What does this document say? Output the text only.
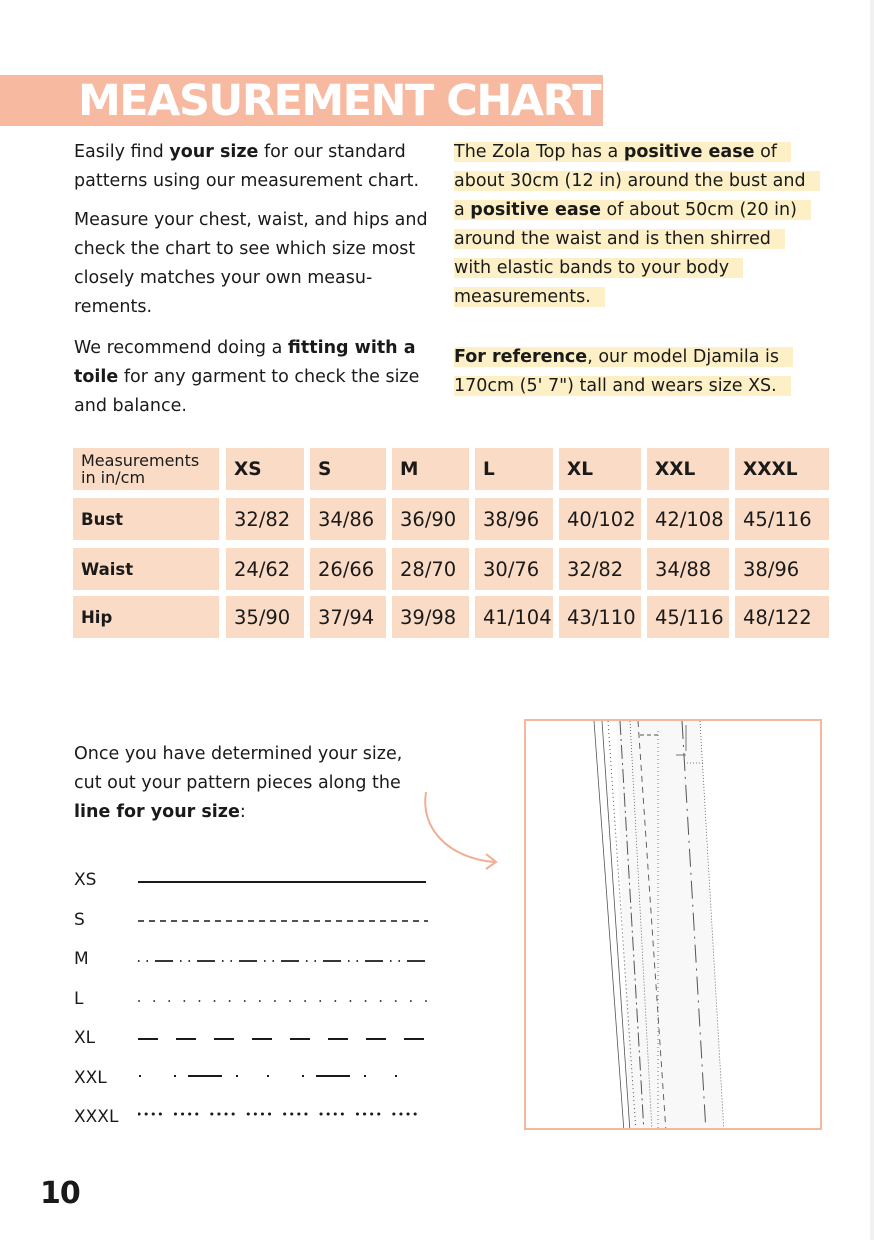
MEASUREMENT CHART

Easily find your size for our standard patterns using our measurement chart.

Measure your chest, waist, and hips and check the chart to see which size most closely matches your own measu-rements.

We recommend doing a fitting with a toile for any garment to check the size and balance.

The Zola Top has a positive ease of about 30cm (12 in) around the bust and a positive ease of about 50cm (20 in) around the waist and is then shirred with elastic bands to your body measurements.

For reference, our model Djamila is 170cm (5' 7") tall and wears size XS.

Measurements
in in/cm	XS	S	M	L	XL	XXL	XXXL
Bust	32/82	34/86	36/90	38/96	40/102 42/108 45/116
Waist	24/62	26/66	28/70	30/76	32/82	34/88	38/96
Hip	35/90	37/94	39/98	41/104 43/110 45/116 48/122

Once you have determined your size, cut out your pattern pieces along the line for your size:

XS
S
M
L
XL
XXL
XXXL
10
